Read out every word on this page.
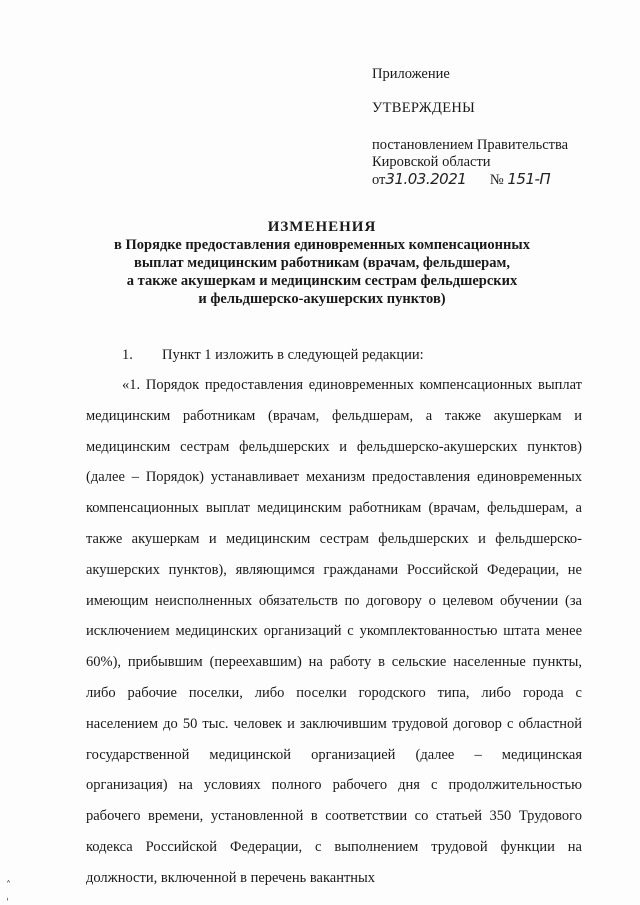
Приложение
УТВЕРЖДЕНЫ
постановлением Правительства
Кировской области
от31.03.2021 № 151-П
ИЗМЕНЕНИЯ
в Порядке предоставления единовременных компенсационных
выплат медицинским работникам (врачам, фельдшерам,
а также акушеркам и медицинским сестрам фельдшерских
и фельдшерско-акушерских пунктов)
1. Пункт 1 изложить в следующей редакции:

«1. Порядок предоставления единовременных компенсационных выплат медицинским работникам (врачам, фельдшерам, а также акушеркам и медицинским сестрам фельдшерских и фельдшерско-акушерских пунктов) (далее – Порядок) устанавливает механизм предоставления единовременных компенсационных выплат медицинским работникам (врачам, фельдшерам, а также акушеркам и медицинским сестрам фельдшерских и фельдшерско-акушерских пунктов), являющимся гражданами Российской Федерации, не имеющим неисполненных обязательств по договору о целевом обучении (за исключением медицинских организаций с укомплектованностью штата менее 60%), прибывшим (переехавшим) на работу в сельские населенные пункты, либо рабочие поселки, либо поселки городского типа, либо города с населением до 50 тыс. человек и заключившим трудовой договор с областной государственной медицинской организацией (далее – медицинская организация) на условиях полного рабочего дня с продолжительностью рабочего времени, установленной в соответствии со статьей 350 Трудового кодекса Российской Федерации, с выполнением трудовой функции на должности, включенной в перечень вакантных

˄
ˌ
